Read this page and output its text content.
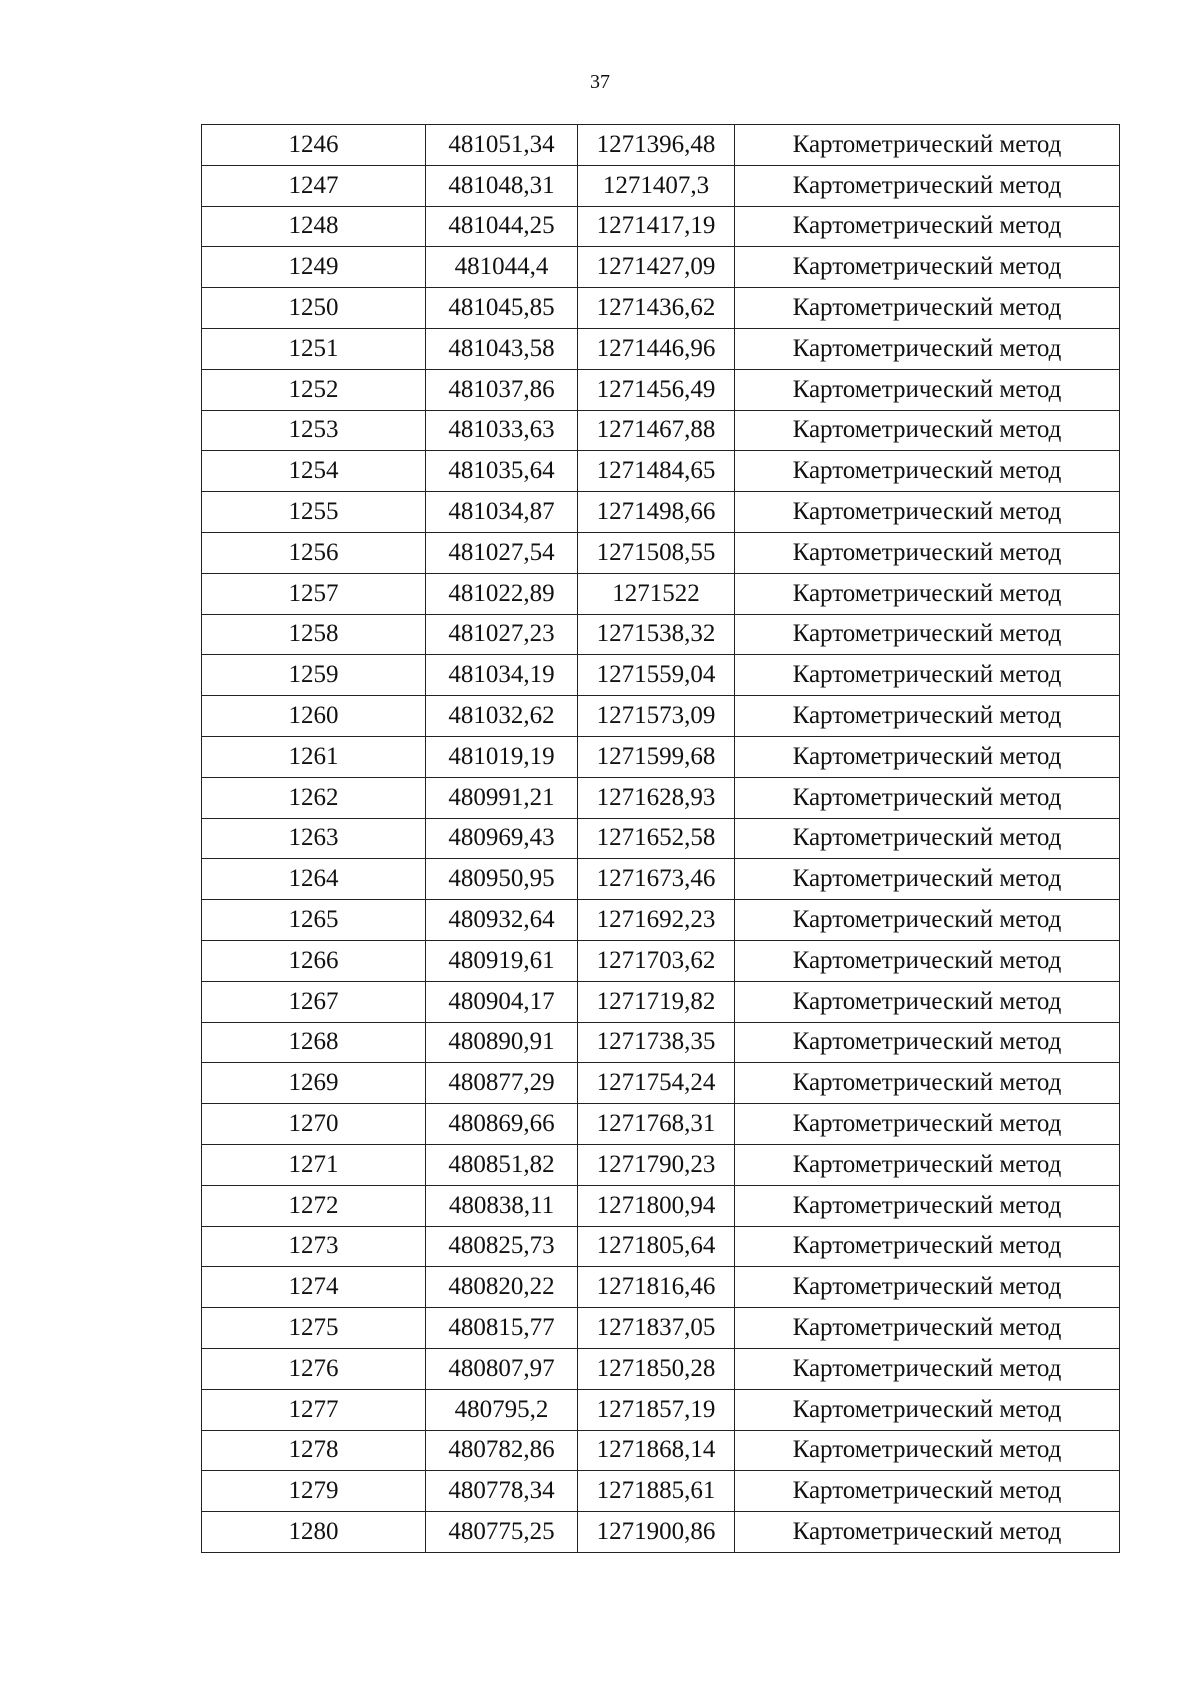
37
1246	481051,34	1271396,48	Картометрический метод
1247	481048,31	1271407,3	Картометрический метод
1248	481044,25	1271417,19	Картометрический метод
1249	481044,4	1271427,09	Картометрический метод
1250	481045,85	1271436,62	Картометрический метод
1251	481043,58	1271446,96	Картометрический метод
1252	481037,86	1271456,49	Картометрический метод
1253	481033,63	1271467,88	Картометрический метод
1254	481035,64	1271484,65	Картометрический метод
1255	481034,87	1271498,66	Картометрический метод
1256	481027,54	1271508,55	Картометрический метод
1257	481022,89	1271522	Картометрический метод
1258	481027,23	1271538,32	Картометрический метод
1259	481034,19	1271559,04	Картометрический метод
1260	481032,62	1271573,09	Картометрический метод
1261	481019,19	1271599,68	Картометрический метод
1262	480991,21	1271628,93	Картометрический метод
1263	480969,43	1271652,58	Картометрический метод
1264	480950,95	1271673,46	Картометрический метод
1265	480932,64	1271692,23	Картометрический метод
1266	480919,61	1271703,62	Картометрический метод
1267	480904,17	1271719,82	Картометрический метод
1268	480890,91	1271738,35	Картометрический метод
1269	480877,29	1271754,24	Картометрический метод
1270	480869,66	1271768,31	Картометрический метод
1271	480851,82	1271790,23	Картометрический метод
1272	480838,11	1271800,94	Картометрический метод
1273	480825,73	1271805,64	Картометрический метод
1274	480820,22	1271816,46	Картометрический метод
1275	480815,77	1271837,05	Картометрический метод
1276	480807,97	1271850,28	Картометрический метод
1277	480795,2	1271857,19	Картометрический метод
1278	480782,86	1271868,14	Картометрический метод
1279	480778,34	1271885,61	Картометрический метод
1280	480775,25	1271900,86	Картометрический метод
